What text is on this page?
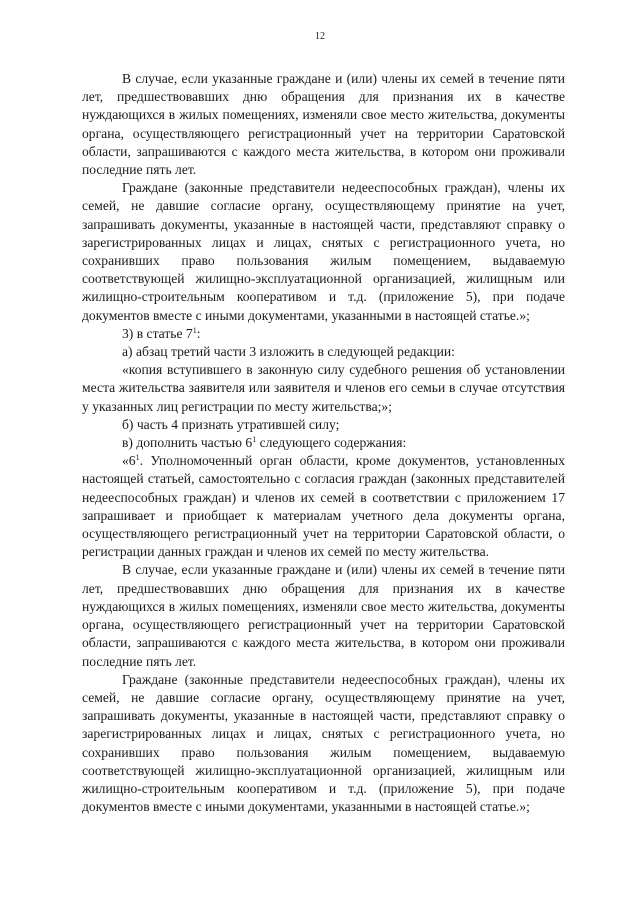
12

В случае, если указанные граждане и (или) члены их семей в течение пяти лет, предшествовавших дню обращения для признания их в качестве нуждающихся в жилых помещениях, изменяли свое место жительства, документы органа, осуществляющего регистрационный учет на территории Саратовской области, запрашиваются с каждого места жительства, в котором они проживали последние пять лет.

Граждане (законные представители недееспособных граждан), члены их семей, не давшие согласие органу, осуществляющему принятие на учет, запрашивать документы, указанные в настоящей части, представляют справку о зарегистрированных лицах и лицах, снятых с регистрационного учета, но сохранивших право пользования жилым помещением, выдаваемую соответствующей жилищно-эксплуатационной организацией, жилищным или жилищно-строительным кооперативом и т.д. (приложение 5), при подаче документов вместе с иными документами, указанными в настоящей статье.»;

3) в статье $7^1$:

а) абзац третий части 3 изложить в следующей редакции:

«копия вступившего в законную силу судебного решения об установлении места жительства заявителя или заявителя и членов его семьи в случае отсутствия у указанных лиц регистрации по месту жительства;»;

б) часть 4 признать утратившей силу;

в) дополнить частью $6^1$ следующего содержания:

«$6^1$. Уполномоченный орган области, кроме документов, установленных настоящей статьей, самостоятельно с согласия граждан (законных представителей недееспособных граждан) и членов их семей в соответствии с приложением 17 запрашивает и приобщает к материалам учетного дела документы органа, осуществляющего регистрационный учет на территории Саратовской области, о регистрации данных граждан и членов их семей по месту жительства.

В случае, если указанные граждане и (или) члены их семей в течение пяти лет, предшествовавших дню обращения для признания их в качестве нуждающихся в жилых помещениях, изменяли свое место жительства, документы органа, осуществляющего регистрационный учет на территории Саратовской области, запрашиваются с каждого места жительства, в котором они проживали последние пять лет.

Граждане (законные представители недееспособных граждан), члены их семей, не давшие согласие органу, осуществляющему принятие на учет, запрашивать документы, указанные в настоящей части, представляют справку о зарегистрированных лицах и лицах, снятых с регистрационного учета, но сохранивших право пользования жилым помещением, выдаваемую соответствующей жилищно-эксплуатационной организацией, жилищным или жилищно-строительным кооперативом и т.д. (приложение 5), при подаче документов вместе с иными документами, указанными в настоящей статье.»;
